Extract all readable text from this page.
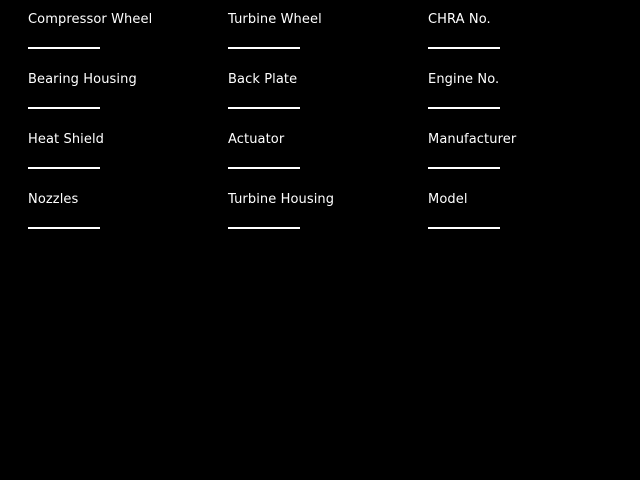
Compressor Wheel	Turbine Wheel	CHRA No.
Bearing Housing	Back Plate	Engine No.
Heat Shield	Actuator	Manufacturer
Nozzles	Turbine Housing	Model
